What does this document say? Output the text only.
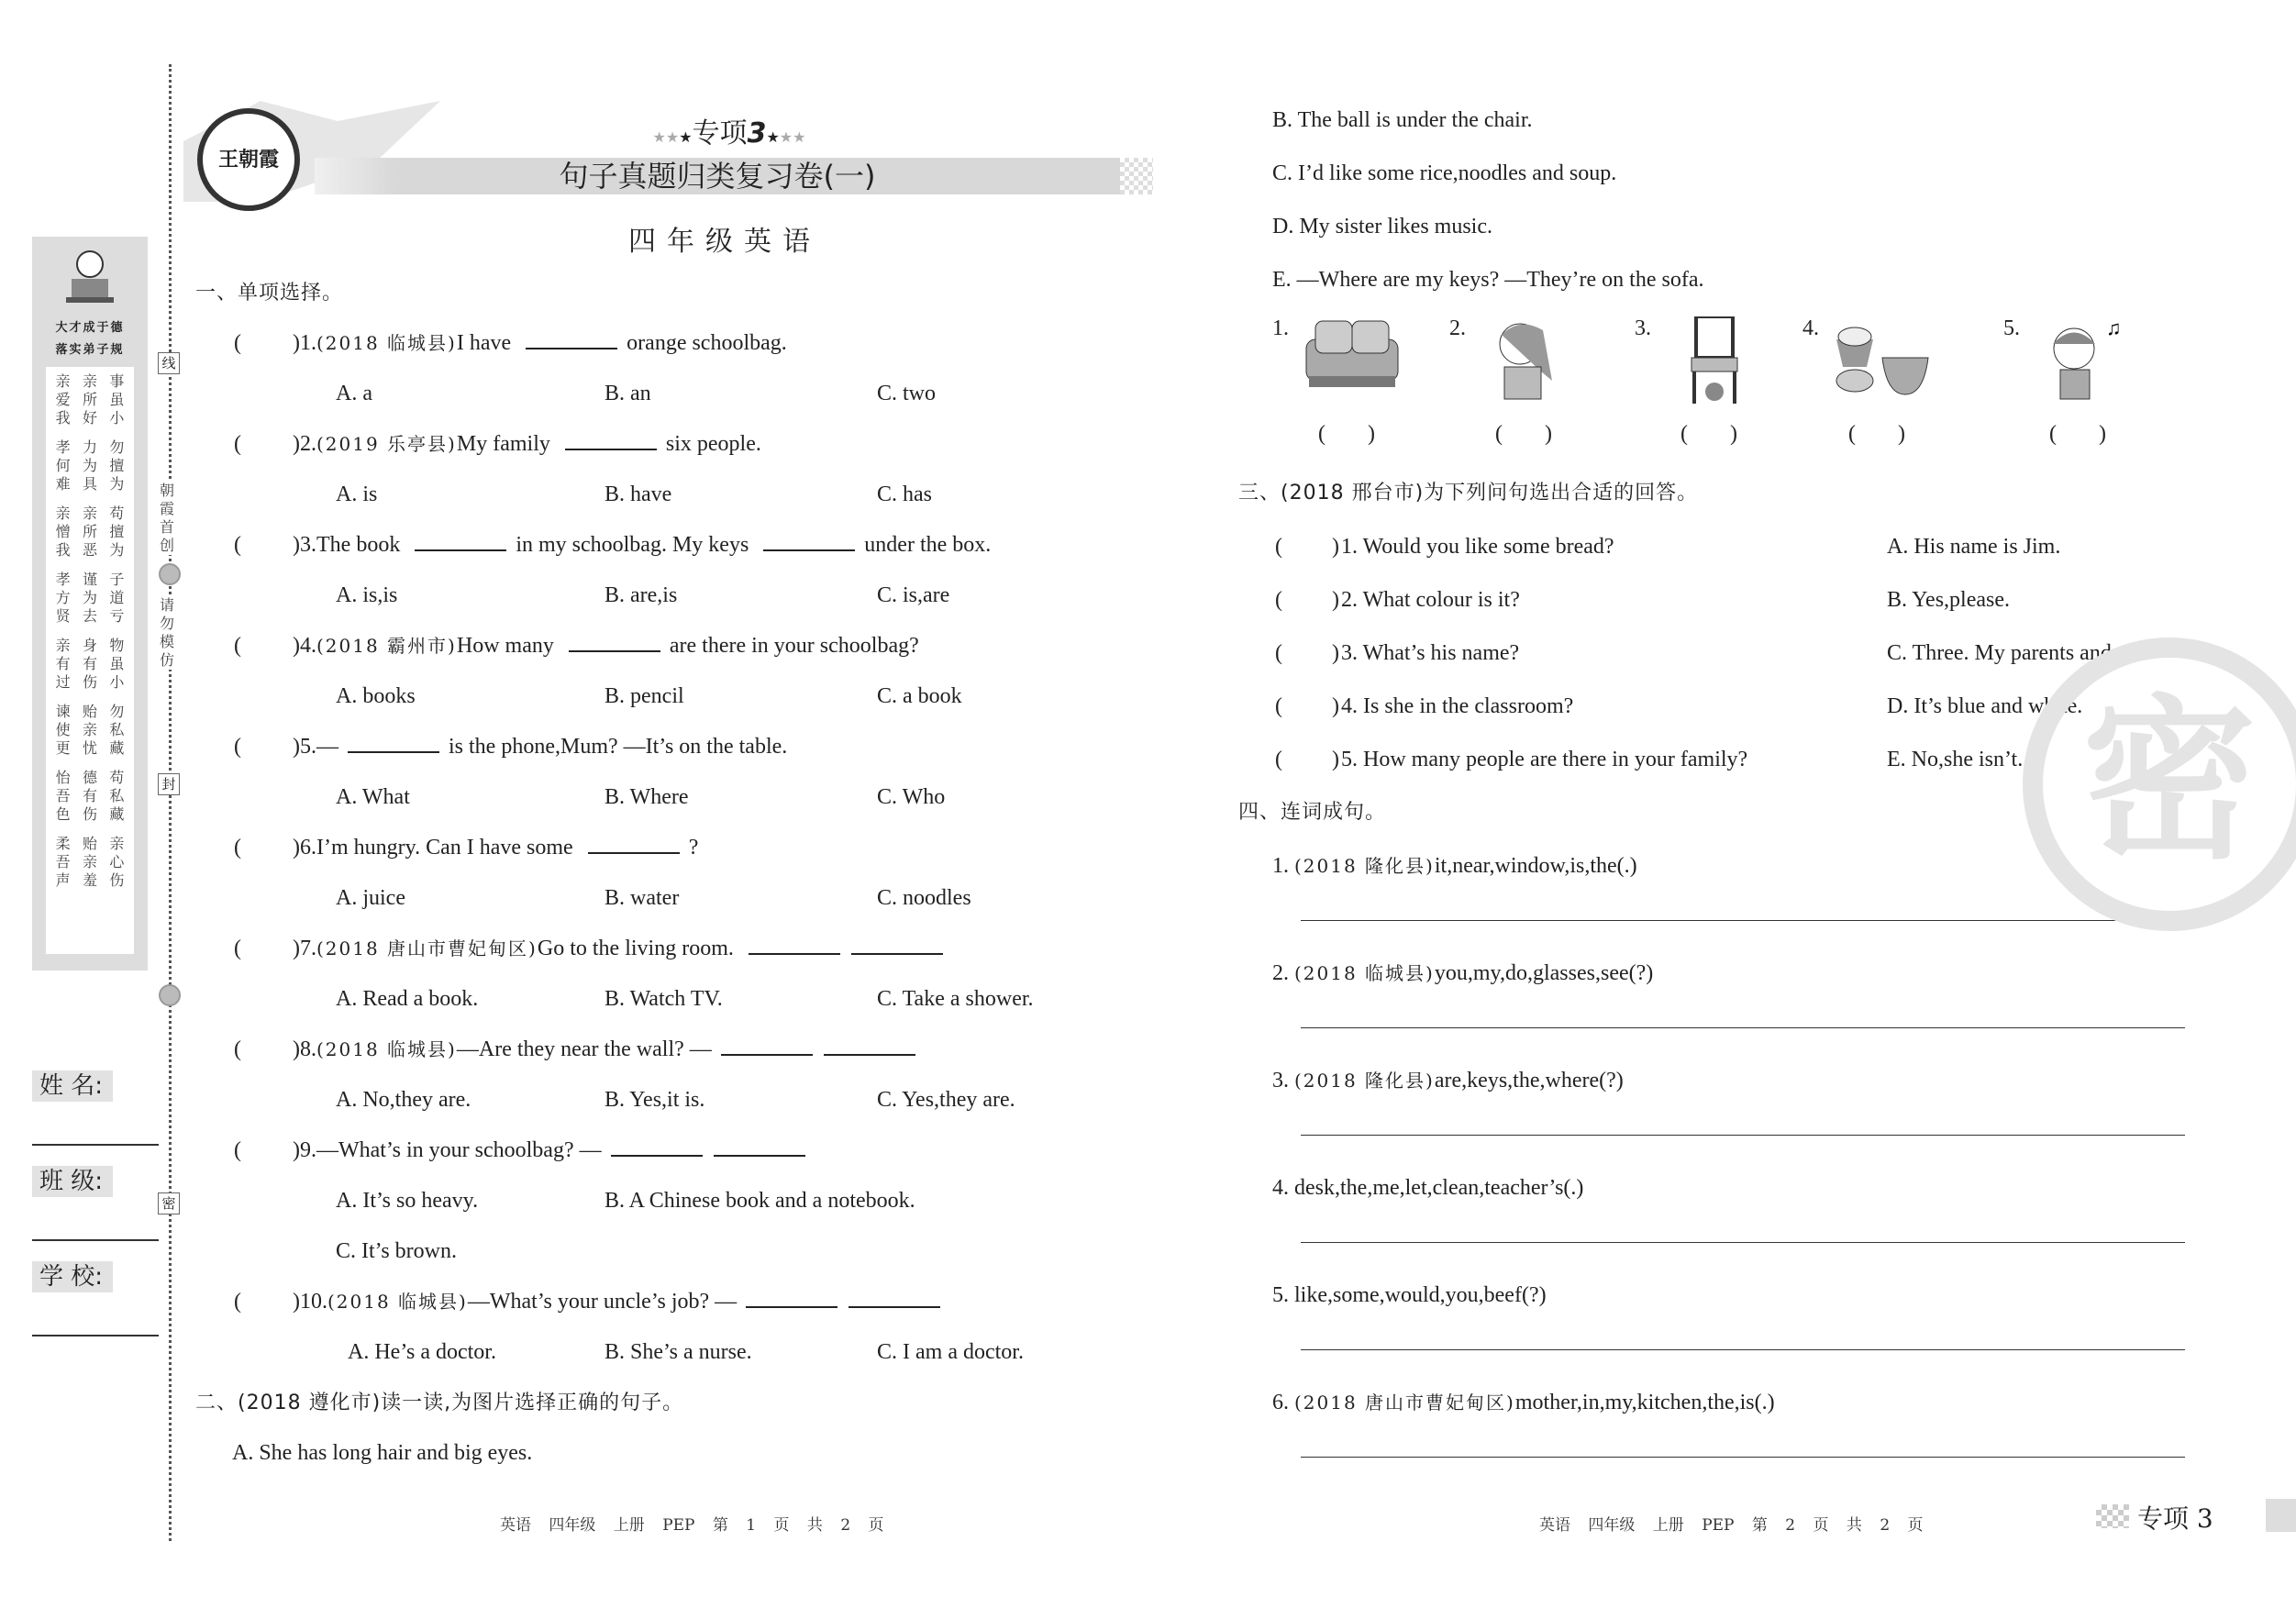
大才成于德
落实弟子规
亲 亲 事
爱 所 虽
我 好 小
孝 力 勿
何 为 擅
难 具 为
亲 亲 苟
憎 所 擅
我 恶 为
孝 谨 子
方 为 道
贤 去 亏
亲 身 物
有 有 虽
过 伤 小
谏 贻 勿
使 亲 私
更 忧 藏
怡 德 苟
吾 有 私
色 伤 藏
柔 贻 亲
吾 亲 心
声 羞 伤
线
朝霞首创
请勿模仿
封
密
姓 名:
班 级:
学 校:
王朝霞
★★★专项3★★★
句子真题归类复习卷(一)
四年级英语
一、单项选择。
( )1.(2018 临城县)I have	orange schoolbag.
A. a	B. an	C. two
( )2.(2019 乐亭县)My family	six people.
A. is	B. have	C. has
( )3.The book	in my schoolbag. My keys	under the box.
A. is,is	B. are,is	C. is,are
( )4.(2018 霸州市)How many	are there in your schoolbag?
A. books	B. pencil	C. a book
( )5.—	is the phone,Mum? —It’s on the table.
A. What	B. Where	C. Who
( )6.I’m hungry. Can I have some	?
A. juice	B. water	C. noodles
( )7.(2018 唐山市曹妃甸区)Go to the living room.
A. Read a book.	B. Watch TV.	C. Take a shower.
( )8.(2018 临城县)—Are they near the wall? —
A. No,they are.	B. Yes,it is.	C. Yes,they are.
( )9.—What’s in your schoolbag? —
A. It’s so heavy.	B. A Chinese book and a notebook.
C. It’s brown.
( )10.(2018 临城县)—What’s your uncle’s job? —
A. He’s a doctor.	B. She’s a nurse.	C. I am a doctor.
二、(2018 遵化市)读一读,为图片选择正确的句子。
A. She has long hair and big eyes.
B. The ball is under the chair.
C. I’d like some rice,noodles and soup.
D. My sister likes music.
E. —Where are my keys? —They’re on the sofa.
1.
( )
2.
( )
3.
( )
4.
( )
5.	♫
( )
三、(2018 邢台市)为下列问句选出合适的回答。
( ) 1. Would you like some bread?	A. His name is Jim.
( ) 2. What colour is it?	B. Yes,please.
( ) 3. What’s his name?	C. Three. My parents and me.
( ) 4. Is she in the classroom?	D. It’s blue and white.
( ) 5. How many people are there in your family?	E. No,she isn’t.
四、连词成句。
1. (2018 隆化县)it,near,window,is,the(.)
2. (2018 临城县)you,my,do,glasses,see(?)
3. (2018 隆化县)are,keys,the,where(?)
4. desk,the,me,let,clean,teacher’s(.)
5. like,some,would,you,beef(?)
6. (2018 唐山市曹妃甸区)mother,in,my,kitchen,the,is(.)
密
英语 四年级 上册 PEP 第 1 页 共 2 页	英语 四年级 上册 PEP 第 2 页 共 2 页	专项 3
